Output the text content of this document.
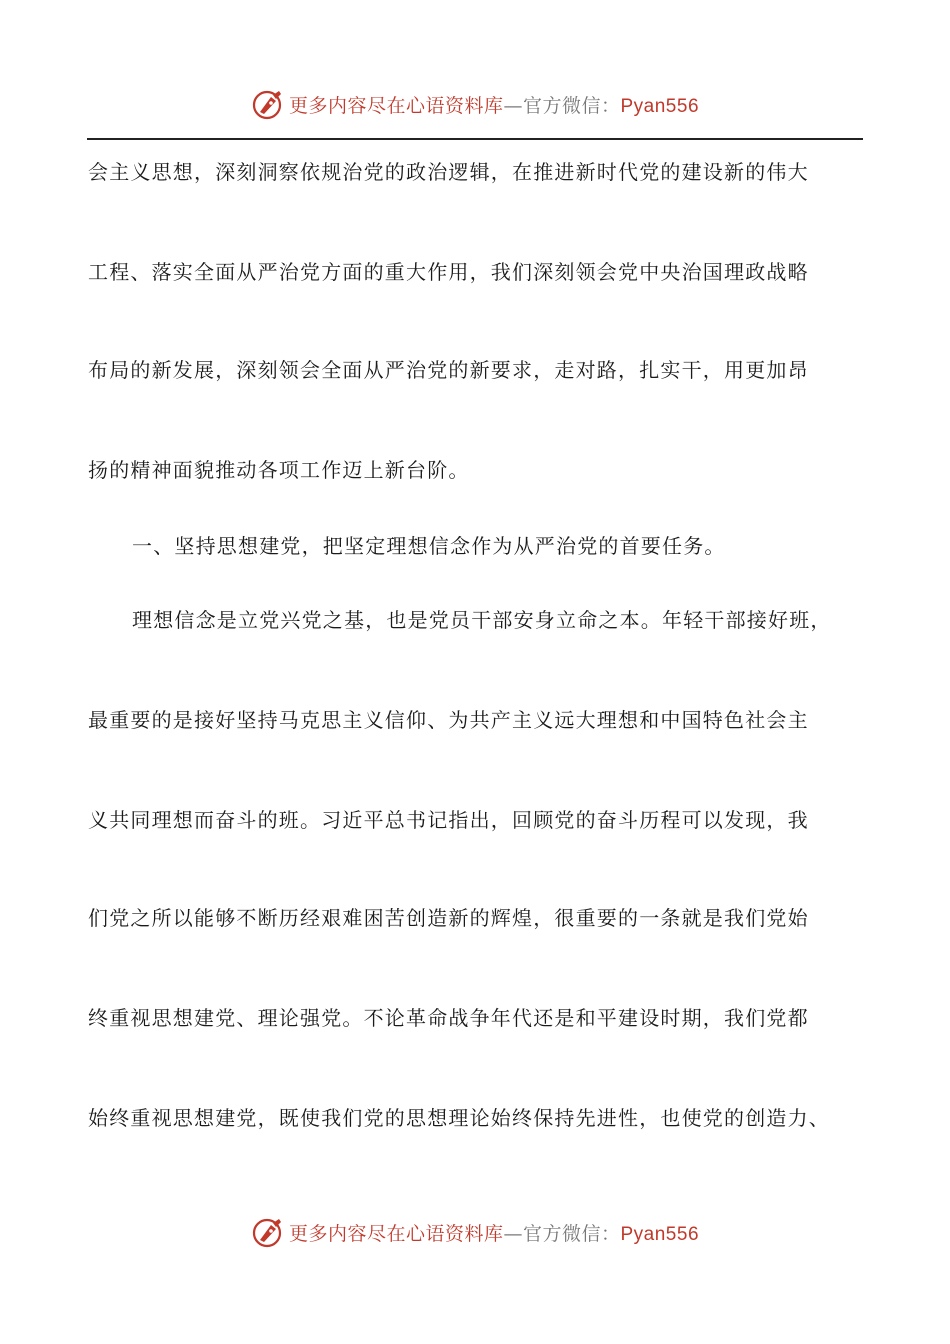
更多内容尽在心语资料库—官方微信：Pyan556
会主义思想，深刻洞察依规治党的政治逻辑，在推进新时代党的建设新的伟大
工程、落实全面从严治党方面的重大作用，我们深刻领会党中央治国理政战略
布局的新发展，深刻领会全面从严治党的新要求，走对路，扎实干，用更加昂
扬的精神面貌推动各项工作迈上新台阶。
一、坚持思想建党，把坚定理想信念作为从严治党的首要任务。
理想信念是立党兴党之基，也是党员干部安身立命之本。年轻干部接好班，
最重要的是接好坚持马克思主义信仰、为共产主义远大理想和中国特色社会主
义共同理想而奋斗的班。习近平总书记指出，回顾党的奋斗历程可以发现，我
们党之所以能够不断历经艰难困苦创造新的辉煌，很重要的一条就是我们党始
终重视思想建党、理论强党。不论革命战争年代还是和平建设时期，我们党都
始终重视思想建党，既使我们党的思想理论始终保持先进性，也使党的创造力、
更多内容尽在心语资料库—官方微信：Pyan556
